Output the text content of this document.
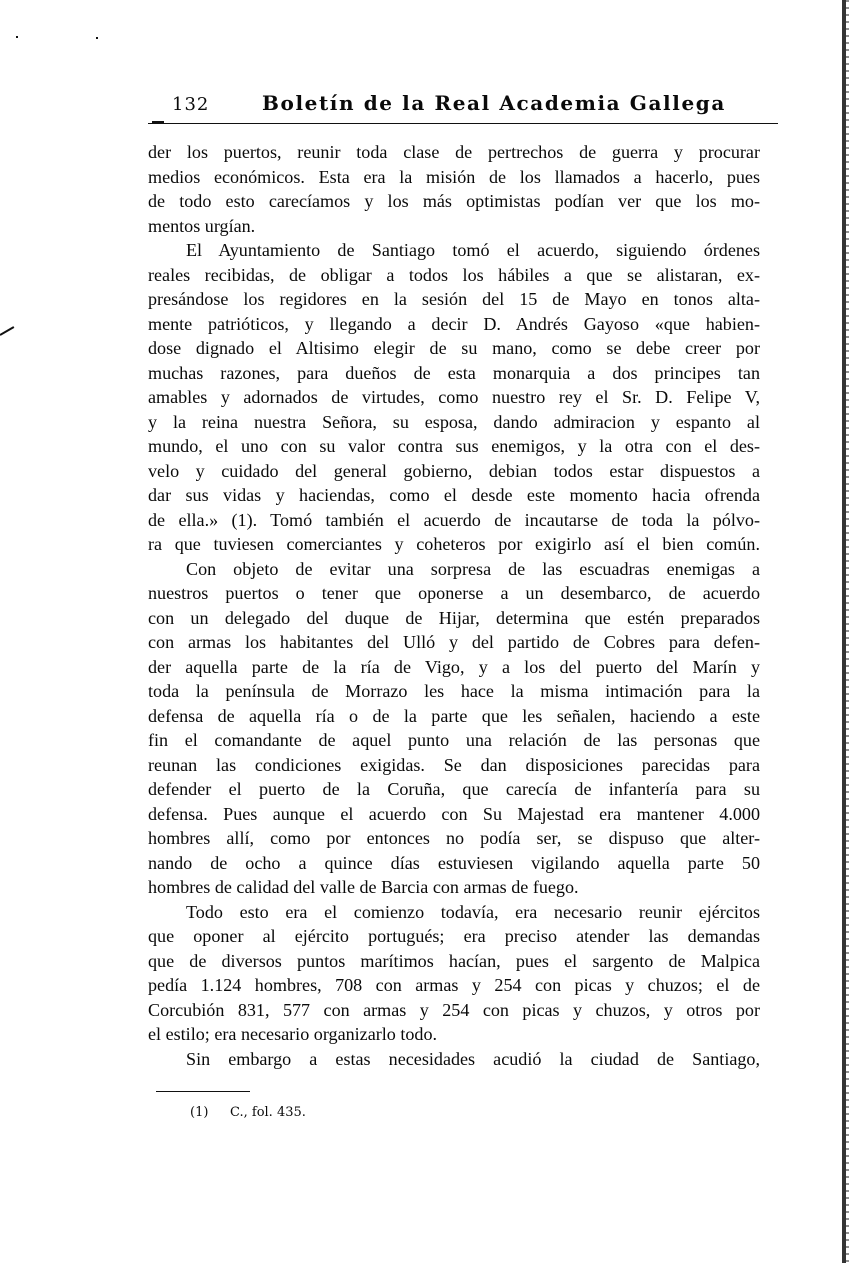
132	Boletín de la Real Academia Gallega
der los puertos, reunir toda clase de pertrechos de guerra y procurar
medios económicos. Esta era la misión de los llamados a hacerlo, pues
de todo esto carecíamos y los más optimistas podían ver que los mo-
mentos urgían.
El Ayuntamiento de Santiago tomó el acuerdo, siguiendo órdenes
reales recibidas, de obligar a todos los hábiles a que se alistaran, ex-
presándose los regidores en la sesión del 15 de Mayo en tonos alta-
mente patrióticos, y llegando a decir D. Andrés Gayoso «que habien-
dose dignado el Altisimo elegir de su mano, como se debe creer por
muchas razones, para dueños de esta monarquia a dos principes tan
amables y adornados de virtudes, como nuestro rey el Sr. D. Felipe V,
y la reina nuestra Señora, su esposa, dando admiracion y espanto al
mundo, el uno con su valor contra sus enemigos, y la otra con el des-
velo y cuidado del general gobierno, debian todos estar dispuestos a
dar sus vidas y haciendas, como el desde este momento hacia ofrenda
de ella.» (1). Tomó también el acuerdo de incautarse de toda la pólvo-
ra que tuviesen comerciantes y coheteros por exigirlo así el bien común.
Con objeto de evitar una sorpresa de las escuadras enemigas a
nuestros puertos o tener que oponerse a un desembarco, de acuerdo
con un delegado del duque de Hijar, determina que estén preparados
con armas los habitantes del Ulló y del partido de Cobres para defen-
der aquella parte de la ría de Vigo, y a los del puerto del Marín y
toda la península de Morrazo les hace la misma intimación para la
defensa de aquella ría o de la parte que les señalen, haciendo a este
fin el comandante de aquel punto una relación de las personas que
reunan las condiciones exigidas. Se dan disposiciones parecidas para
defender el puerto de la Coruña, que carecía de infantería para su
defensa. Pues aunque el acuerdo con Su Majestad era mantener 4.000
hombres allí, como por entonces no podía ser, se dispuso que alter-
nando de ocho a quince días estuviesen vigilando aquella parte 50
hombres de calidad del valle de Barcia con armas de fuego.
Todo esto era el comienzo todavía, era necesario reunir ejércitos
que oponer al ejército portugués; era preciso atender las demandas
que de diversos puntos marítimos hacían, pues el sargento de Malpica
pedía 1.124 hombres, 708 con armas y 254 con picas y chuzos; el de
Corcubión 831, 577 con armas y 254 con picas y chuzos, y otros por
el estilo; era necesario organizarlo todo.
Sin embargo a estas necesidades acudió la ciudad de Santiago,
(1) C., fol. 435.
